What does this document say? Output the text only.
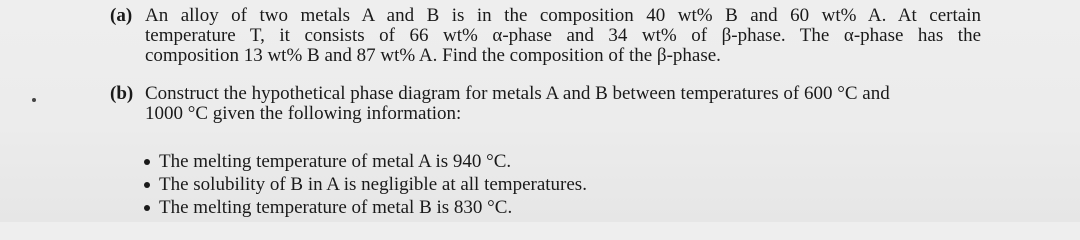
(a) An alloy of two metals A and B is in the composition 40 wt% B and 60 wt% A. At certain
temperature T, it consists of 66 wt% α-phase and 34 wt% of β-phase. The α-phase has the
composition 13 wt% B and 87 wt% A. Find the composition of the β-phase.
(b) Construct the hypothetical phase diagram for metals A and B between temperatures of 600 °C and
1000 °C given the following information:
The melting temperature of metal A is 940 °C.
The solubility of B in A is negligible at all temperatures.
The melting temperature of metal B is 830 °C.
